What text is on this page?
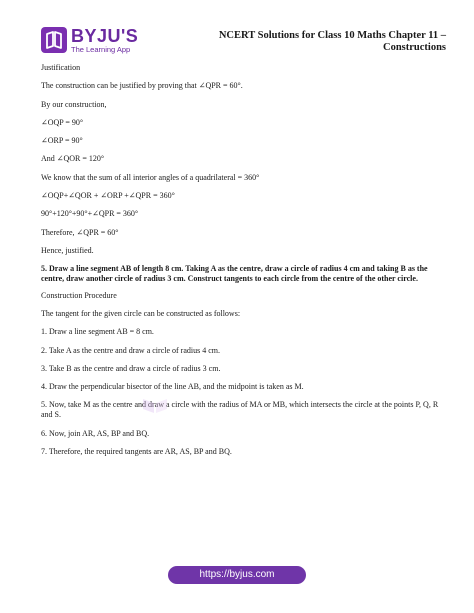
BYJU'S
The Learning App
NCERT Solutions for Class 10 Maths Chapter 11 –
Constructions

Justification

The construction can be justified by proving that ∠QPR = 60°.

By our construction,

∠OQP = 90°

∠ORP = 90°

And ∠QOR = 120°

We know that the sum of all interior angles of a quadrilateral = 360°

∠OQP+∠QOR + ∠ORP +∠QPR = 360°

90°+120°+90°+∠QPR = 360°

Therefore, ∠QPR = 60°

Hence, justified.

5. Draw a line segment AB of length 8 cm. Taking A as the centre, draw a circle of radius 4 cm and taking B as the centre, draw another circle of radius 3 cm. Construct tangents to each circle from the centre of the other circle.

Construction Procedure

The tangent for the given circle can be constructed as follows:

1. Draw a line segment AB = 8 cm.

2. Take A as the centre and draw a circle of radius 4 cm.

3. Take B as the centre and draw a circle of radius 3 cm.

4. Draw the perpendicular bisector of the line AB, and the midpoint is taken as M.

5. Now, take M as the centre and draw a circle with the radius of MA or MB, which intersects the circle at the points P, Q, R and S.

6. Now, join AR, AS, BP and BQ.

7. Therefore, the required tangents are AR, AS, BP and BQ.

https://byjus.com
